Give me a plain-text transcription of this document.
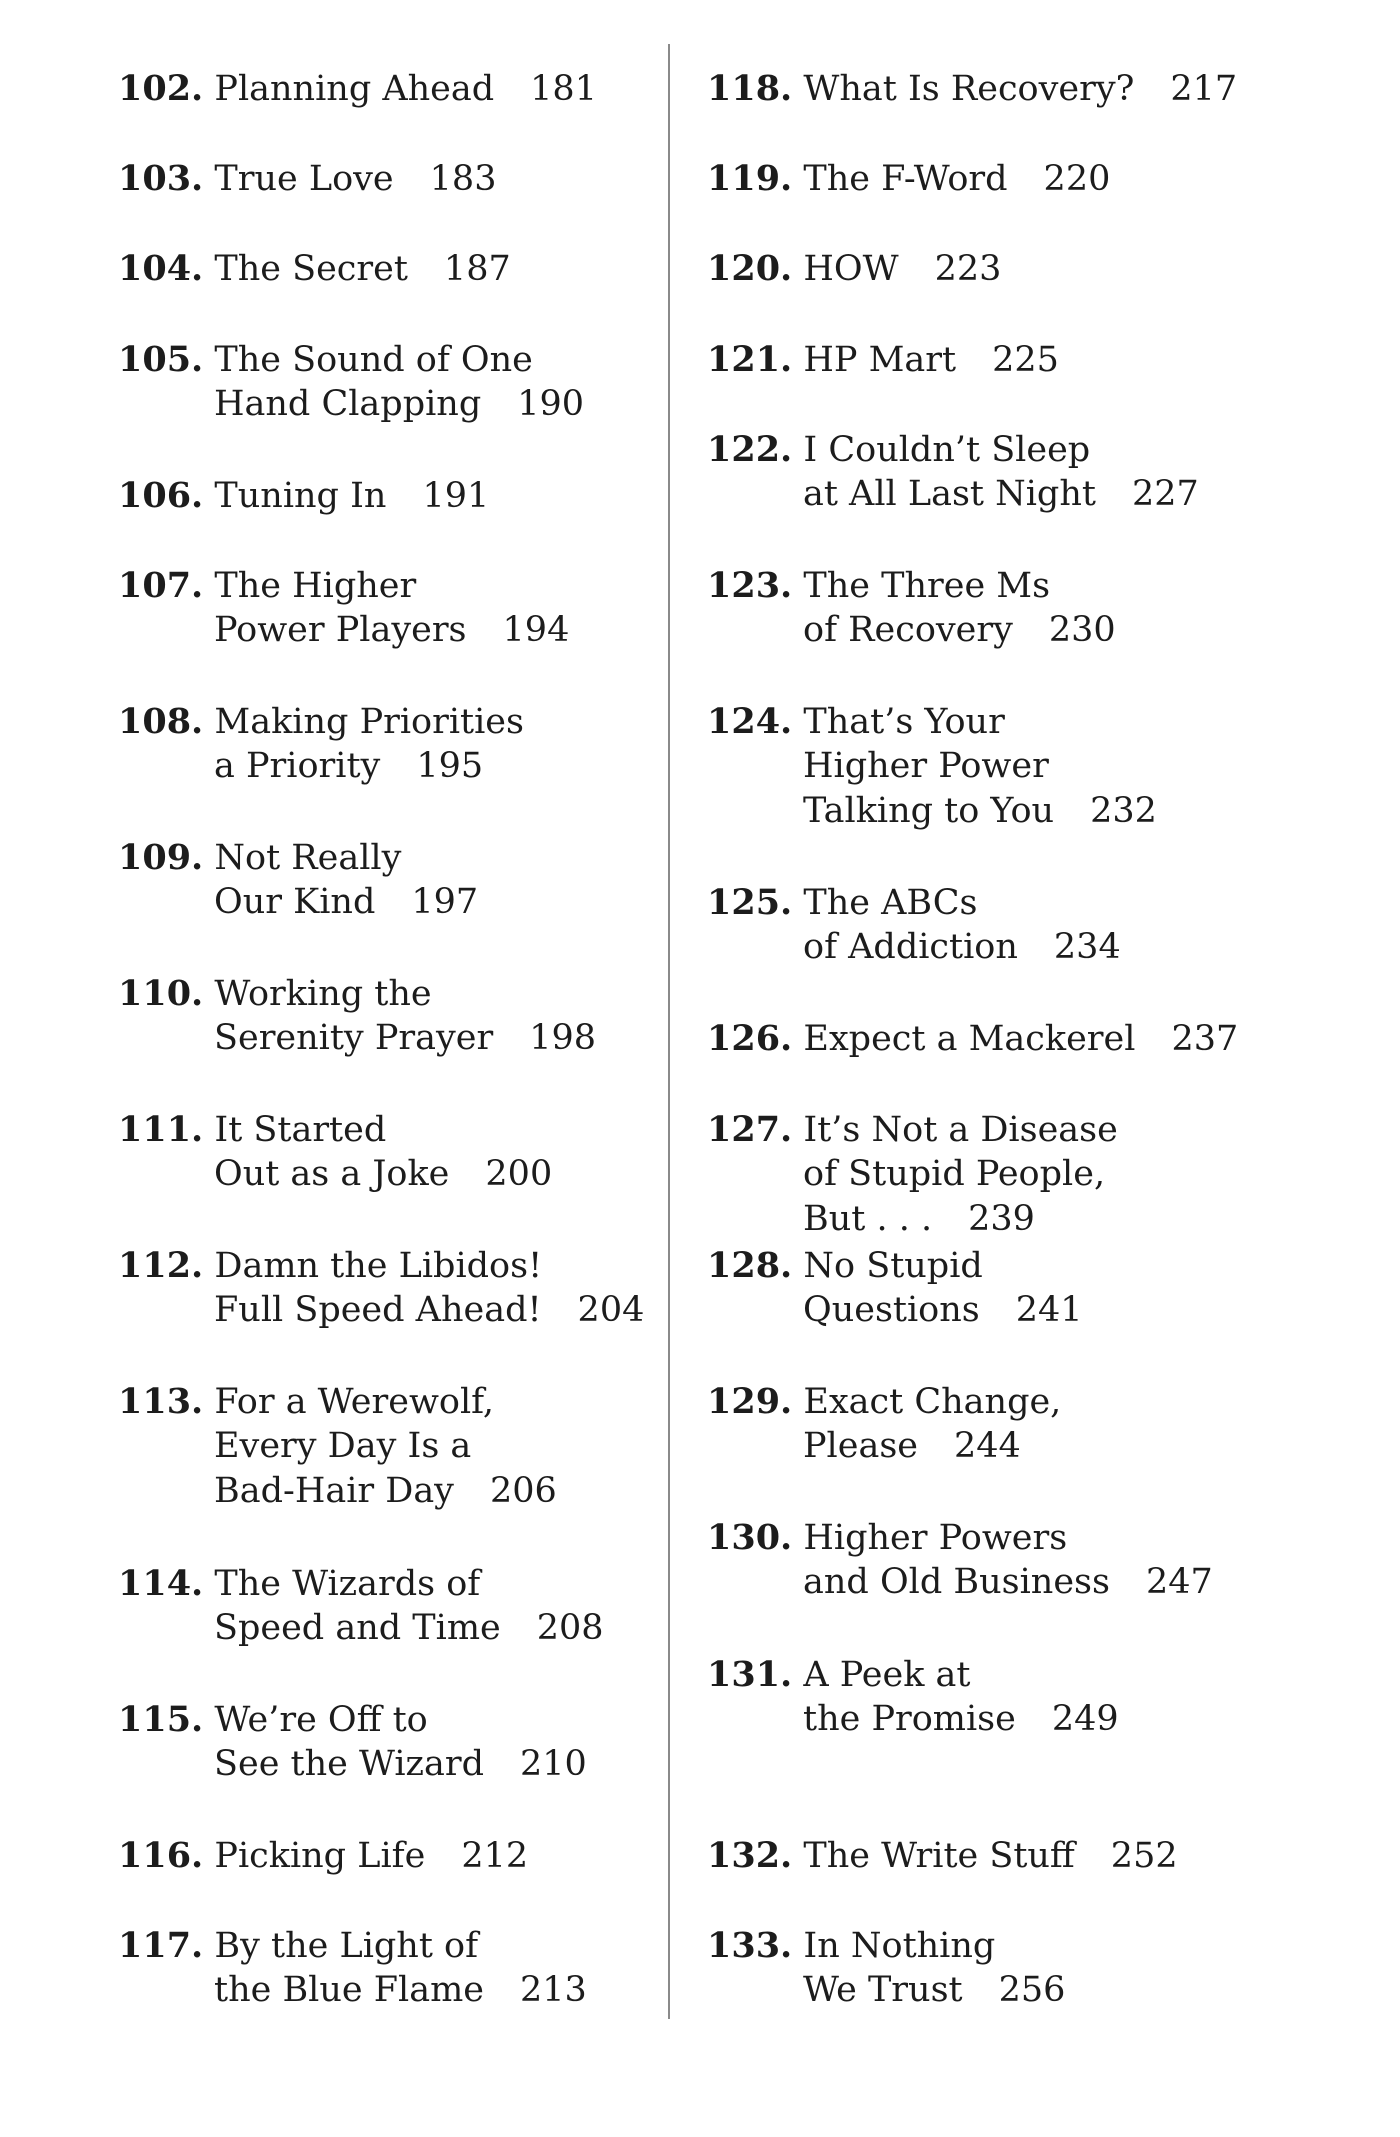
102. Planning Ahead 181
103. True Love 183
104. The Secret 187
105. The Sound of One
Hand Clapping 190
106. Tuning In 191
107. The Higher
Power Players 194
108. Making Priorities
a Priority 195
109. Not Really
Our Kind 197
110. Working the
Serenity Prayer 198
111. It Started
Out as a Joke 200
112. Damn the Libidos!
Full Speed Ahead! 204
113. For a Werewolf,
Every Day Is a
Bad-Hair Day 206
114. The Wizards of
Speed and Time 208
115. We’re Off to
See the Wizard 210
116. Picking Life 212
117. By the Light of
the Blue Flame 213
118. What Is Recovery? 217
119. The F-Word 220
120. HOW 223
121. HP Mart 225
122. I Couldn’t Sleep
at All Last Night 227
123. The Three Ms
of Recovery 230
124. That’s Your
Higher Power
Talking to You 232
125. The ABCs
of Addiction 234
126. Expect a Mackerel 237
127. It’s Not a Disease
of Stupid People,
But . . . 239
128. No Stupid
Questions 241
129. Exact Change,
Please 244
130. Higher Powers
and Old Business 247
131. A Peek at
the Promise 249
132. The Write Stuff 252
133. In Nothing
We Trust 256
